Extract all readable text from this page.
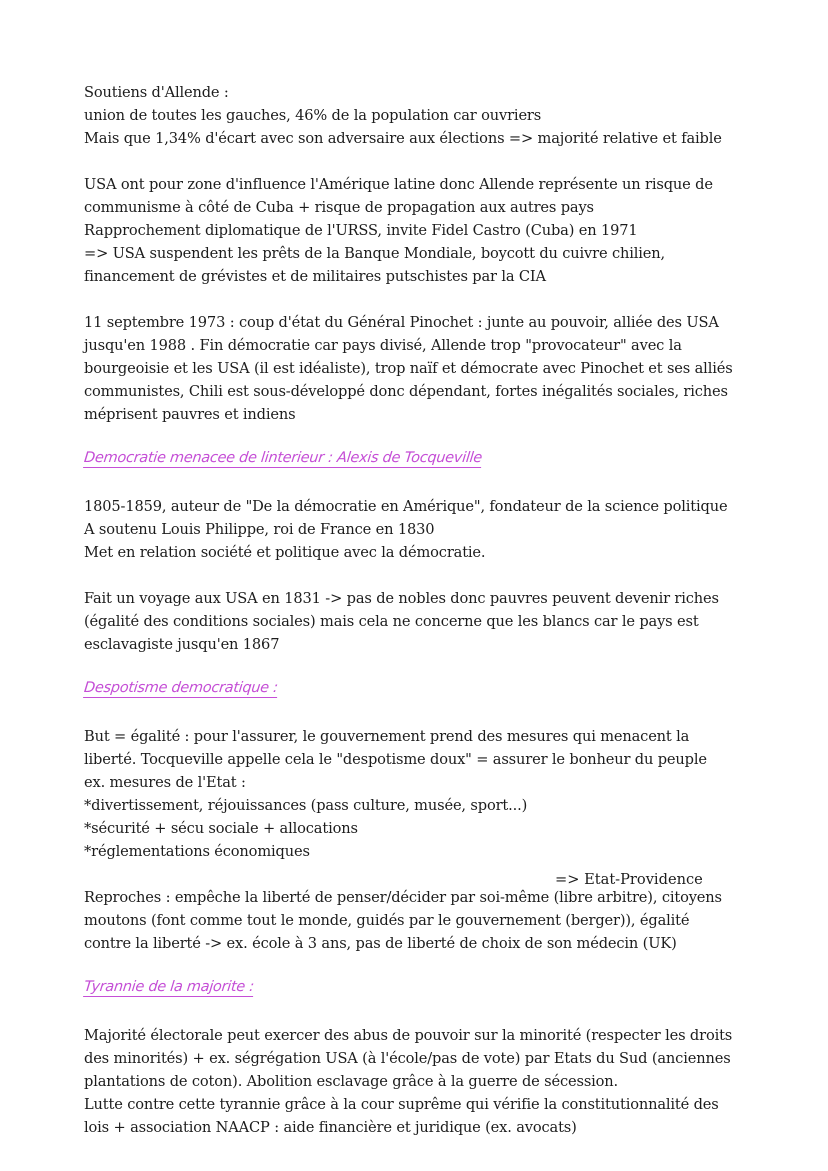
Soutiens d'Allende :
union de toutes les gauches, 46% de la population car ouvriers
Mais que 1,34% d'écart avec son adversaire aux élections => majorité relative et faible
USA ont pour zone d'influence l'Amérique latine donc Allende représente un risque de
communisme à côté de Cuba + risque de propagation aux autres pays
Rapprochement diplomatique de l'URSS, invite Fidel Castro (Cuba) en 1971
=> USA suspendent les prêts de la Banque Mondiale, boycott du cuivre chilien,
financement de grévistes et de militaires putschistes par la CIA
11 septembre 1973 : coup d'état du Général Pinochet : junte au pouvoir, alliée des USA
jusqu'en 1988 . Fin démocratie car pays divisé, Allende trop "provocateur" avec la
bourgeoisie et les USA (il est idéaliste), trop naïf et démocrate avec Pinochet et ses alliés
communistes, Chili est sous-développé donc dépendant, fortes inégalités sociales, riches
méprisent pauvres et indiens
Democratie menacee de linterieur : Alexis de Tocqueville
1805-1859, auteur de "De la démocratie en Amérique", fondateur de la science politique
A soutenu Louis Philippe, roi de France en 1830
Met en relation société et politique avec la démocratie.
Fait un voyage aux USA en 1831 -> pas de nobles donc pauvres peuvent devenir riches
(égalité des conditions sociales) mais cela ne concerne que les blancs car le pays est
esclavagiste jusqu'en 1867
Despotisme democratique :
But = égalité : pour l'assurer, le gouvernement prend des mesures qui menacent la
liberté. Tocqueville appelle cela le "despotisme doux" = assurer le bonheur du peuple
ex. mesures de l'Etat :
*divertissement, réjouissances (pass culture, musée, sport...)
*sécurité + sécu sociale + allocations
*réglementations économiques
=> Etat-Providence
Reproches : empêche la liberté de penser/décider par soi-même (libre arbitre), citoyens
moutons (font comme tout le monde, guidés par le gouvernement (berger)), égalité
contre la liberté -> ex. école à 3 ans, pas de liberté de choix de son médecin (UK)
Tyrannie de la majorite :
Majorité électorale peut exercer des abus de pouvoir sur la minorité (respecter les droits
des minorités) + ex. ségrégation USA (à l'école/pas de vote) par Etats du Sud (anciennes
plantations de coton). Abolition esclavage grâce à la guerre de sécession.
Lutte contre cette tyrannie grâce à la cour suprême qui vérifie la constitutionnalité des
lois + association NAACP : aide financière et juridique (ex. avocats)
